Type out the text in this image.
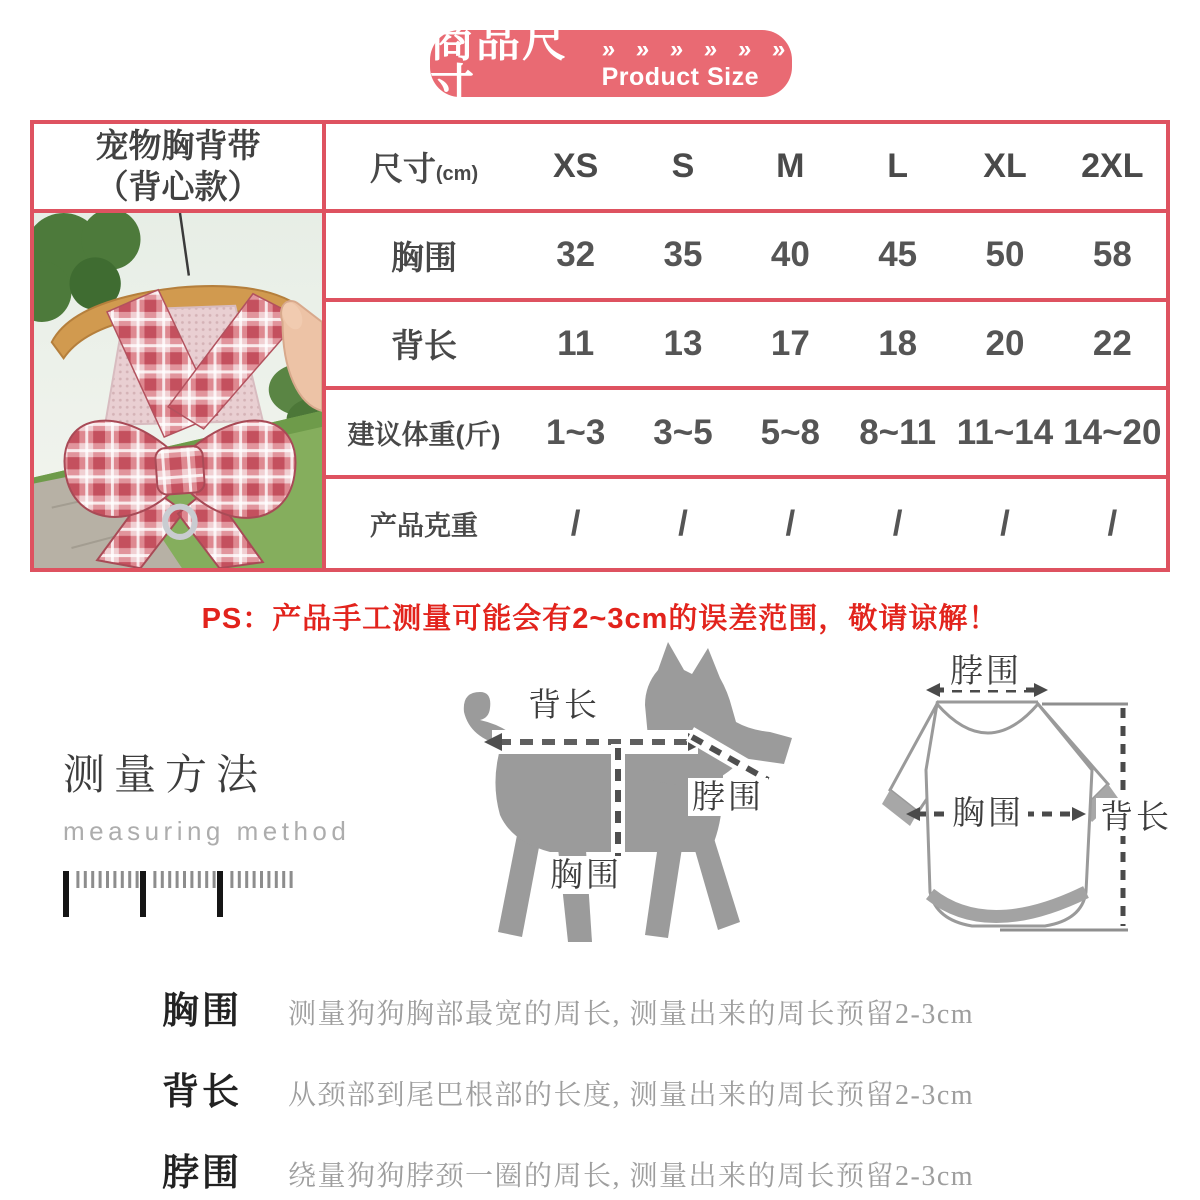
商品尺寸
» » » » » »
Product Size
宠物胸背带
（背心款）	尺寸(cm)	XS	S	M	L	XL	2XL
胸围	32	35	40	45	50	58
背长	11	13	17	18	20	22
建议体重(斤)	1~3	3~5	5~8	8~11 11~14 14~20
产品克重	/	/	/	/	/	/
PS：产品手工测量可能会有2~3cm的误差范围，敬请谅解！
测量方法
measuring method
背长
脖围
胸围
脖围
胸围 背长
胸围 测量狗狗胸部最宽的周长, 测量出来的周长预留2-3cm
背长 从颈部到尾巴根部的长度, 测量出来的周长预留2-3cm
脖围 绕量狗狗脖颈一圈的周长, 测量出来的周长预留2-3cm
